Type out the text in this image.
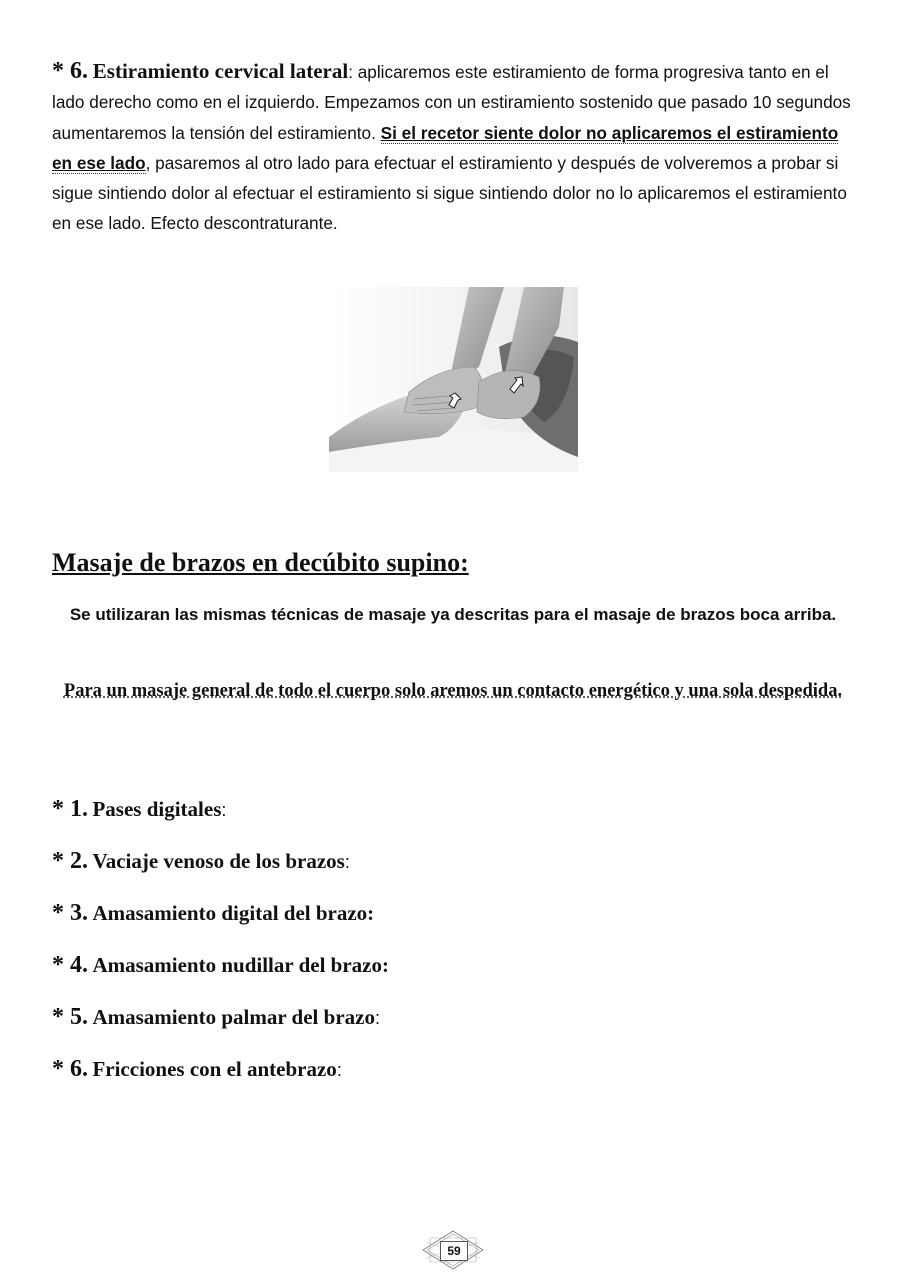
* 6. Estiramiento cervical lateral: aplicaremos este estiramiento de forma progresiva tanto en el lado derecho como en el izquierdo. Empezamos con un estiramiento sostenido que pasado 10 segundos aumentaremos la tensión del estiramiento. Si el recetor siente dolor no aplicaremos el estiramiento en ese lado, pasaremos al otro lado para efectuar el estiramiento y después de volveremos a probar si sigue sintiendo dolor al efectuar el estiramiento si sigue sintiendo dolor no lo aplicaremos el estiramiento en ese lado. Efecto descontraturante.
Masaje de brazos en decúbito supino:
Se utilizaran las mismas técnicas de masaje ya descritas para el masaje de brazos boca arriba.
Para un masaje general de todo el cuerpo solo aremos un contacto energético y una sola despedida.
* 1. Pases digitales:
* 2. Vaciaje venoso de los brazos:
* 3. Amasamiento digital del brazo:
* 4. Amasamiento nudillar del brazo:
* 5. Amasamiento palmar del brazo:
* 6. Fricciones con el antebrazo:
59
